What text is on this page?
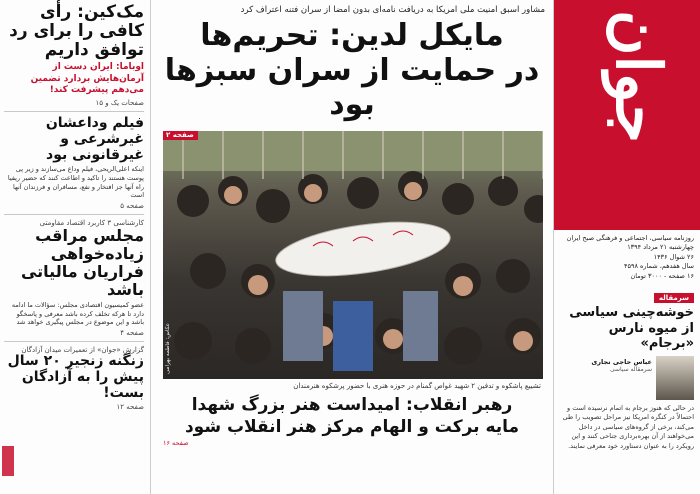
مک‌کین: رأی کافی را برای رد توافق داریم
اوباما: ایران دست از آرمان‌هایش بردارد تضمین می‌دهم پیشرفت کند!
صفحات یک و ۱۵
فیلم وداعشان غیرشرعی و غیرقانونی بود
اینکه اعلی‌الریحی، فیلم وداع می‌سازند و زیر پی پوست هستند را تاکید و اطاعت کنند که حضیر ریفیا راه آنها جز افتخار و نفع، مسافران و فرزندان آنها است
صفحه ۵
کارشناسی ۳ کاربرد اقتصاد مقاومتی
مجلس مراقب زیاده‌خواهی فراریان مالیاتی باشد
عضو کمیسیون اقتصادی مجلس: سؤالات ما ادامه دارد تا هرکه تخلف کرده باشد معرفی و پاسخگو باشد و این موضوع در مجلس پیگیری خواهد شد
صفحه ۴
گزارش «جوان» از تعمیرات میدان آزادگان
زنگنه زنجیر ۲۰ سال پیش را به آزادگان بست!
صفحه ۱۲
مشاور اسبق امنیت ملی امریکا به دریافت نامه‌ای بدون امضا از سران فتنه اعتراف کرد
مایکل لدین: تحریم‌ها
در حمایت از سران سبزها بود
صفحه ۲
عکاس: فاطمه بهرامی
تشییع پاشکوه و تدفین ۲ شهید غواص گمنام در حوزه هنری با حضور پرشکوه هنرمندان
رهبر انقلاب: امیداست هنر بزرگ شهدا
مایه برکت و الهام مرکز هنر انقلاب شود
صفحه ۱۶
جوان
روزنامه سیاسی، اجتماعی و فرهنگی صبح ایران
چهارشنبه ۲۱ مرداد ۱۳۹۴
۲۶ شوال ۱۴۳۶
سال هفدهم، شماره ۴۵۹۸
۱۶ صفحه - ۳۰۰۰ تومان
سرمقاله
خوشه‌چینی سیاسی از میوه نارس «برجام»
عباس حاجی نجاری
سرمقاله سیاسی
در حالی که هنوز برجام به اتمام نرسیده است و احتمالاً در کنگره امریکا نیز مراحل تصویب را طی می‌کند، برخی از گروه‌های سیاسی در داخل می‌خواهند از آن بهره‌برداری جناحی کنند و این رویکرد را به عنوان دستاورد خود معرفی نمایند.
